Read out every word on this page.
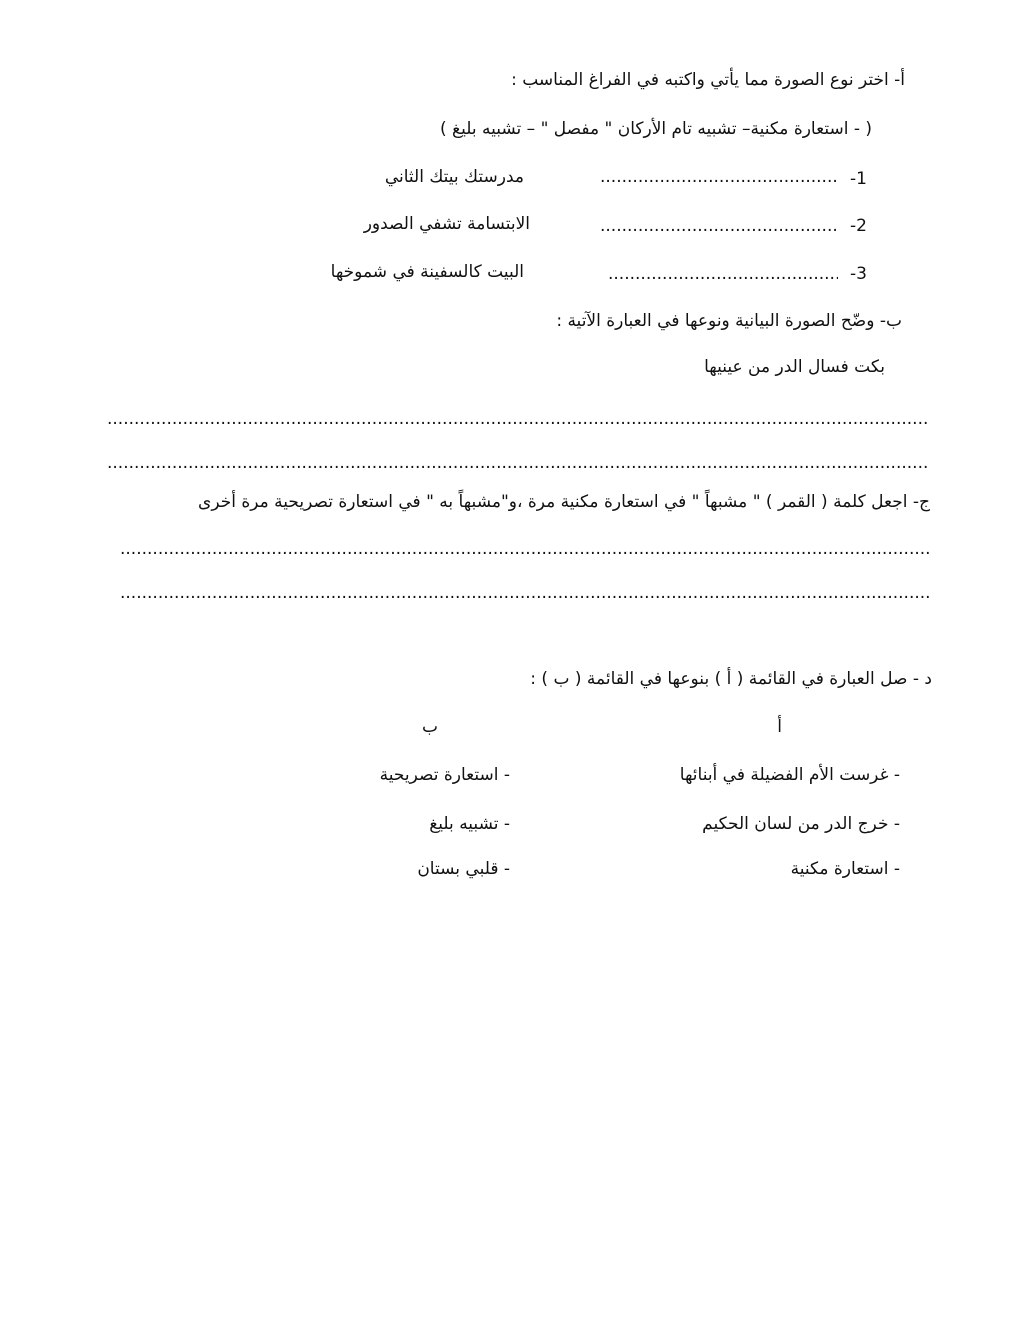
أ- اختر نوع الصورة مما يأتي واكتبه في الفراغ المناسب :
( - استعارة مكنية– تشبيه تام الأركان " مفصل " – تشبيه بليغ )
-1
.....
مدرستك بيتك الثاني
-2
.....
الابتسامة تشفي الصدور
-3
.....
البيت كالسفينة في شموخها
ب- وضّح الصورة البيانية ونوعها في العبارة الآتية :
بكت فسال الدر من عينيها
.....
.....
ج- اجعل كلمة ( القمر ) " مشبهاً " في استعارة مكنية مرة ،و"مشبهاً به " في استعارة تصريحية مرة أخرى
.....
.....
د - صل العبارة في القائمة ( أ ) بنوعها في القائمة ( ب ) :
أ
ب
- غرست الأم الفضيلة في أبنائها
- استعارة تصريحية
- خرج الدر من لسان الحكيم
- تشبيه بليغ
- استعارة مكنية
- قلبي بستان
